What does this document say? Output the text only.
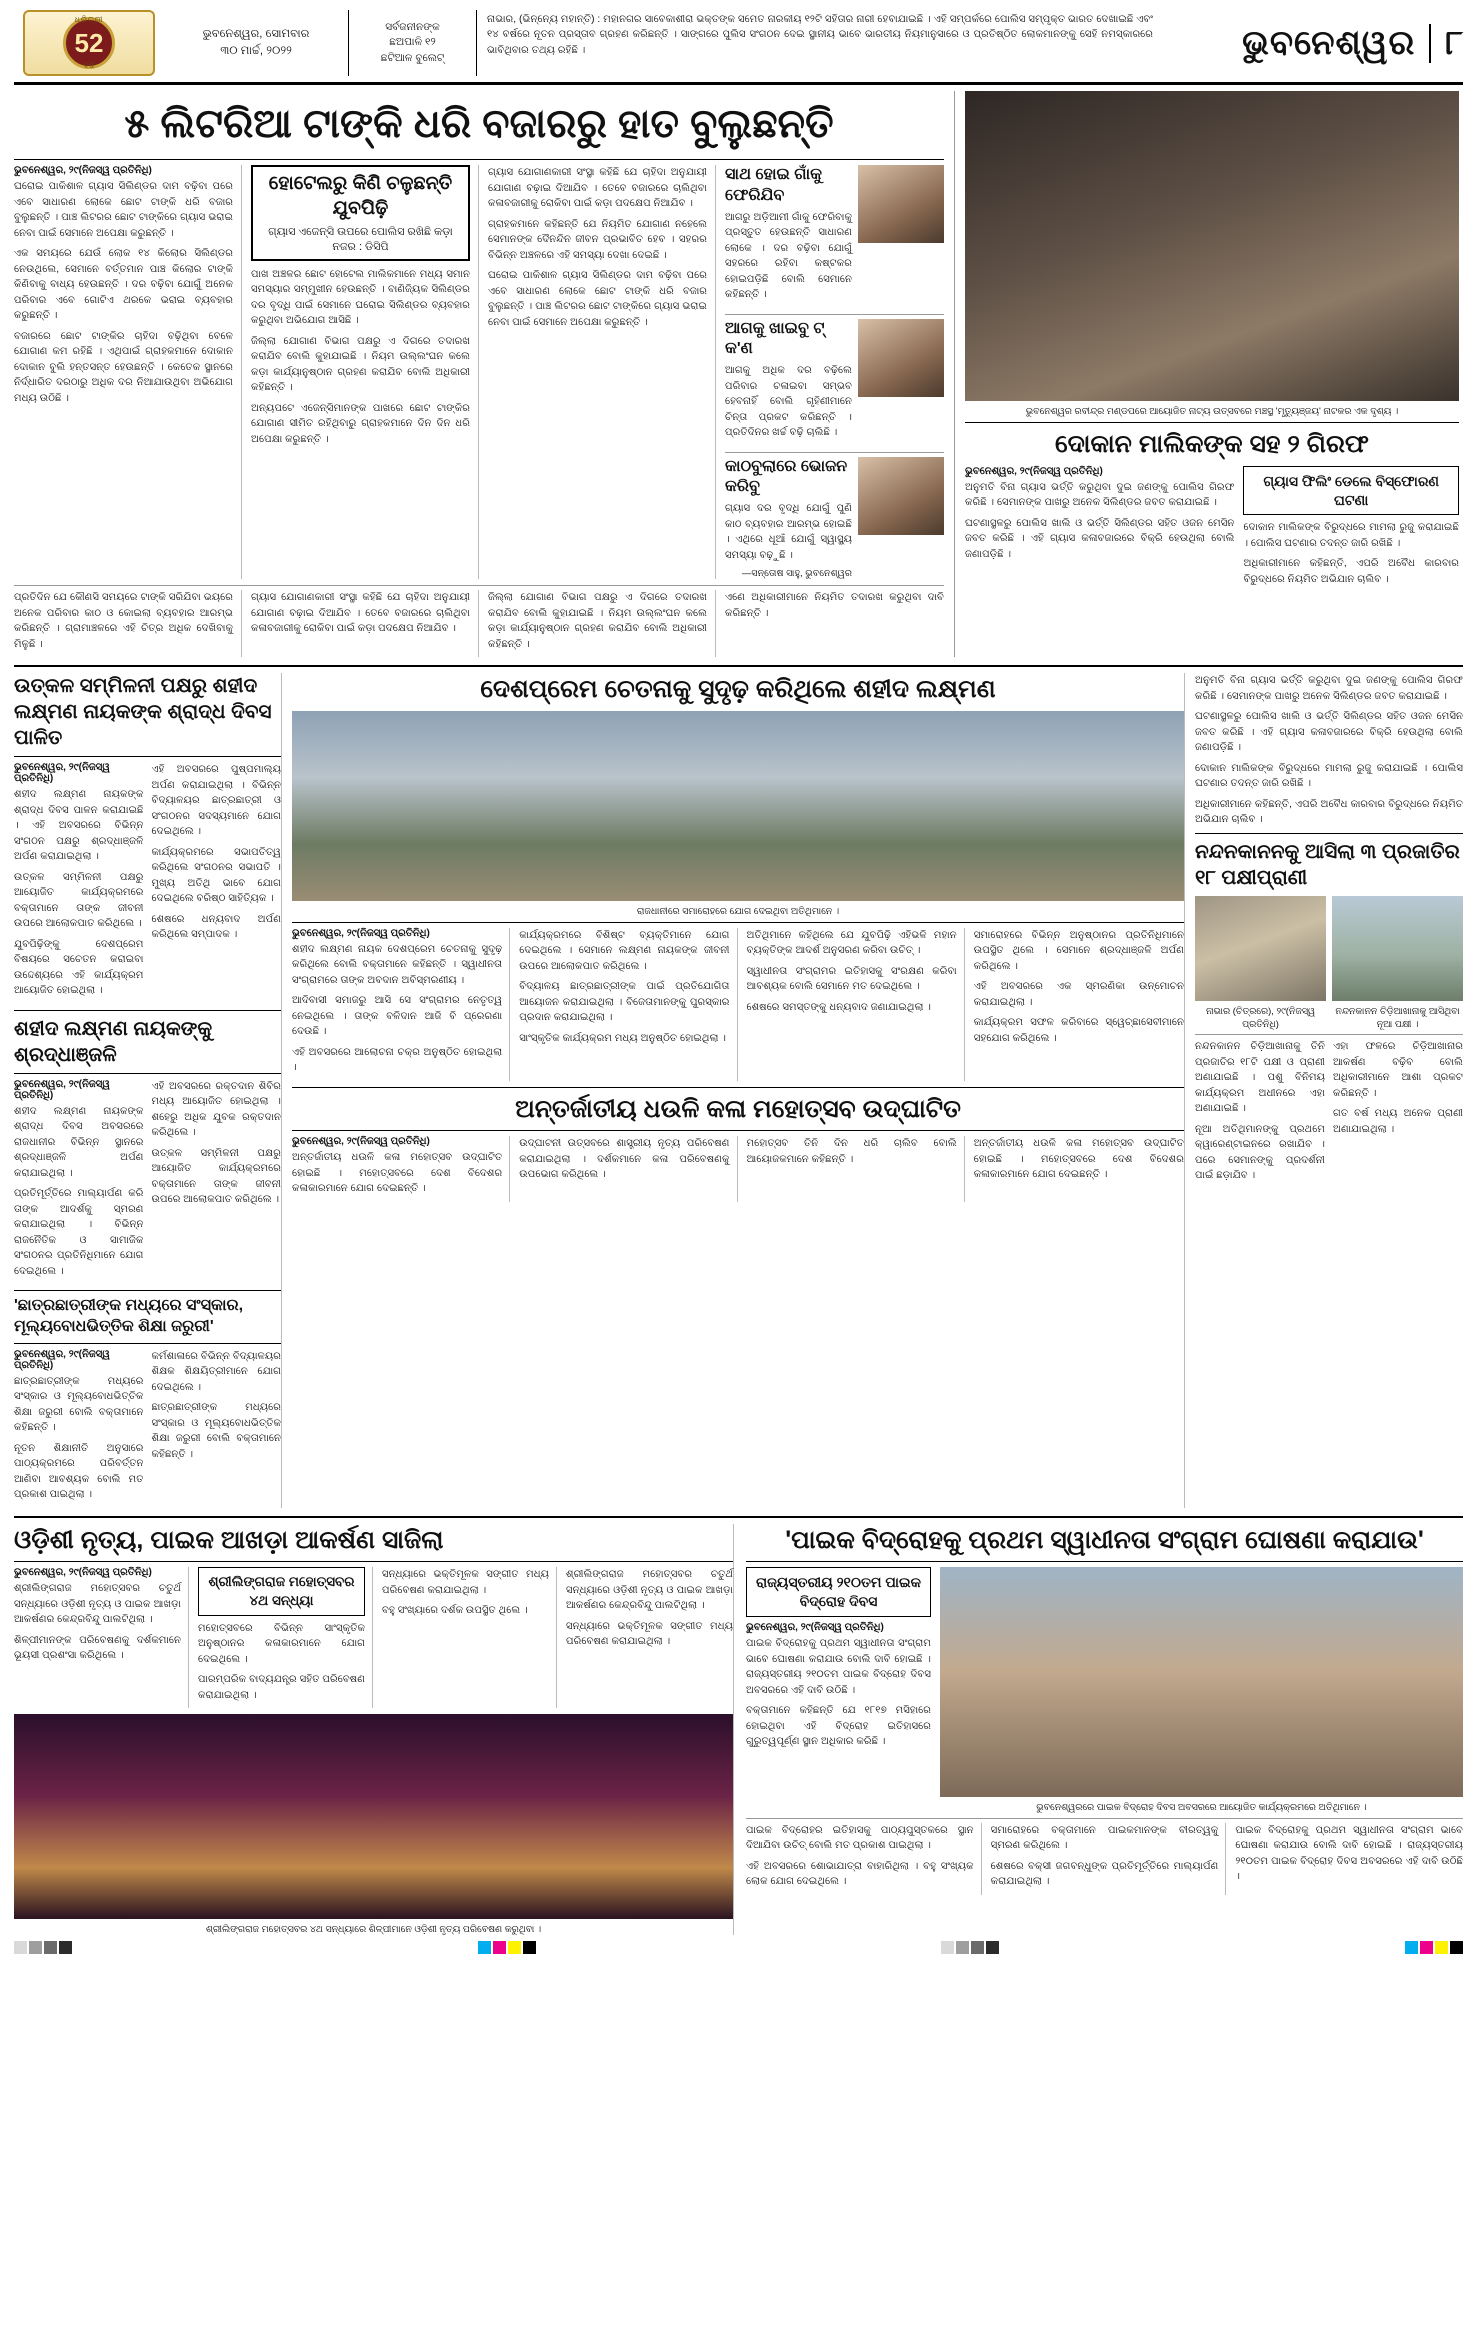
ଧରିତ୍ରୀ
52
ବର୍ଷ
ଭୁବନେଶ୍ୱର, ସୋମବାର
୩୦ ମାର୍ଚ୍ଚ, ୨୦୨୨
ସର୍ବଜନୀନଙ୍କ
ଛଅପାଳି ୧୨
ଛଟିଆଳ ବୁଲେଟ୍
ନାଭାର, (ଭିନ୍ନ୍ୟେ ମହାନ୍ତି) : ମହାନଗର ସାବେକାଶୀରା ଭକ୍ତଙ୍କ ସମେତ ନାରକୀୟ ୧୨ଟି ସହିତାର ନାରୀ ହେବାଯାଇଛି । ଏହି ସମ୍ପର୍କରେ ପୋଲିସ ସମ୍ପୃକ୍ତ ଭାରତ ଦେଖାଇଛି ଏବଂ ୧୪ ବର୍ଷରେ ନୂତନ ପ୍ରସ୍ତାବ ଗ୍ରହଣ କରିଛନ୍ତି । ସାଙ୍ଗରେ ପୁଲିସ ସଂଗଠନ ଦେଇ ସ୍ଥାନୀୟ ଭାବେ ଭାରତୀୟ ନିୟମାନୁସାରେ ଓ ପ୍ରତିଷ୍ଠିତ ଲୋକମାନଙ୍କୁ ସେହି ନମସ୍କାରରେ ଭାବିଥିବାର ତଥ୍ୟ ରହିଛି ।	ଭୁବନେଶ୍ୱର ୮
୫ ଲିଟରିଆ ଟାଙ୍କି ଧରି ବଜାରରୁ ହାତ ବୁଲୁଛନ୍ତି
ଭୁବନେଶ୍ୱର, ୨୯(ନିଜସ୍ୱ ପ୍ରତିନିଧି)

ଘରୋଇ ପାକିଶାଳ ଗ୍ୟାସ ସିଲିଣ୍ଡର ଦାମ ବଢ଼ିବା ପରେ ଏବେ ସାଧାରଣ ଲୋକେ ଛୋଟ ଟାଙ୍କି ଧରି ବଜାର ବୁଲୁଛନ୍ତି । ପାଞ୍ଚ ଲିଟରର ଛୋଟ ଟାଙ୍କିରେ ଗ୍ୟାସ ଭରାଇ ନେବା ପାଇଁ ସେମାନେ ଅପେକ୍ଷା କରୁଛନ୍ତି ।

ଏକ ସମୟରେ ଯେଉଁ ଲୋକ ୧୪ କିଲୋର ସିଲିଣ୍ଡର ନେଉଥିଲେ, ସେମାନେ ବର୍ତ୍ତମାନ ପାଞ୍ଚ କିଲୋର ଟାଙ୍କି କିଣିବାକୁ ବାଧ୍ୟ ହେଉଛନ୍ତି । ଦର ବଢ଼ିବା ଯୋଗୁଁ ଅନେକ ପରିବାର ଏବେ ଗୋଟିଏ ଥରକେ ଭରାଇ ବ୍ୟବହାର କରୁଛନ୍ତି ।

ବଜାରରେ ଛୋଟ ଟାଙ୍କିର ଚାହିଦା ବଢ଼ିଥିବା ବେଳେ ଯୋଗାଣ କମ ରହିଛି । ଏଥିପାଇଁ ଗ୍ରାହକମାନେ ଦୋକାନ ଦୋକାନ ବୁଲି ହନ୍ତସନ୍ତ ହେଉଛନ୍ତି । କେତେକ ସ୍ଥାନରେ ନିର୍ଦ୍ଧାରିତ ଦରଠାରୁ ଅଧିକ ଦର ନିଆଯାଉଥିବା ଅଭିଯୋଗ ମଧ୍ୟ ଉଠିଛି ।

ହୋଟେଲରୁ କିଣି ଚଳୁଛନ୍ତି ଯୁବପିଢ଼ି
ଗ୍ୟାସ ଏଜେନ୍ସି ଉପରେ ପୋଲିସ ରଖିଛି କଡ଼ା ନଜର : ଡିସିପି

ପାଖ ଅଞ୍ଚଳର ଛୋଟ ହୋଟେଲ ମାଲିକମାନେ ମଧ୍ୟ ସମାନ ସମସ୍ୟାର ସମ୍ମୁଖୀନ ହେଉଛନ୍ତି । ବାଣିଜ୍ୟିକ ସିଲିଣ୍ଡର ଦର ବୃଦ୍ଧି ପାଇଁ ସେମାନେ ଘରୋଇ ସିଲିଣ୍ଡର ବ୍ୟବହାର କରୁଥିବା ଅଭିଯୋଗ ଆସିଛି ।

ଜିଲ୍ଲା ଯୋଗାଣ ବିଭାଗ ପକ୍ଷରୁ ଏ ଦିଗରେ ତଦାରଖ କରାଯିବ ବୋଲି କୁହାଯାଇଛି । ନିୟମ ଉଲ୍ଲଂଘନ କଲେ କଡ଼ା କାର୍ଯ୍ୟାନୁଷ୍ଠାନ ଗ୍ରହଣ କରାଯିବ ବୋଲି ଅଧିକାରୀ କହିଛନ୍ତି ।

ଅନ୍ୟପଟେ ଏଜେନ୍ସିମାନଙ୍କ ପାଖରେ ଛୋଟ ଟାଙ୍କିର ଯୋଗାଣ ସୀମିତ ରହିଥିବାରୁ ଗ୍ରାହକମାନେ ଦିନ ଦିନ ଧରି ଅପେକ୍ଷା କରୁଛନ୍ତି ।

ଗ୍ୟାସ ଯୋଗାଣକାରୀ ସଂସ୍ଥା କହିଛି ଯେ ଚାହିଦା ଅନୁଯାୟୀ ଯୋଗାଣ ବଢ଼ାଇ ଦିଆଯିବ । ତେବେ ବଜାରରେ ଚାଲିଥିବା କଳାବଜାରୀକୁ ରୋକିବା ପାଇଁ କଡ଼ା ପଦକ୍ଷେପ ନିଆଯିବ ।

ଗ୍ରାହକମାନେ କହିଛନ୍ତି ଯେ ନିୟମିତ ଯୋଗାଣ ନହେଲେ ସେମାନଙ୍କ ଦୈନନ୍ଦିନ ଜୀବନ ପ୍ରଭାବିତ ହେବ । ସହରର ବିଭିନ୍ନ ଅଞ୍ଚଳରେ ଏହି ସମସ୍ୟା ଦେଖା ଦେଇଛି ।

ଘରୋଇ ପାକିଶାଳ ଗ୍ୟାସ ସିଲିଣ୍ଡର ଦାମ ବଢ଼ିବା ପରେ ଏବେ ସାଧାରଣ ଲୋକେ ଛୋଟ ଟାଙ୍କି ଧରି ବଜାର ବୁଲୁଛନ୍ତି । ପାଞ୍ଚ ଲିଟରର ଛୋଟ ଟାଙ୍କିରେ ଗ୍ୟାସ ଭରାଇ ନେବା ପାଇଁ ସେମାନେ ଅପେକ୍ଷା କରୁଛନ୍ତି ।

ସାଥ ହୋଇ ଗାଁକୁ ଫେରିଯିବ

ଆଗରୁ ଅଡ଼ିଆମୀ ଗାଁକୁ ଫେରିବାକୁ ପ୍ରସ୍ତୁତ ହେଉଛନ୍ତି ସାଧାରଣ ଲୋକେ । ଦର ବଢ଼ିବା ଯୋଗୁଁ ସହରରେ ରହିବା କଷ୍ଟକର ହୋଇପଡ଼ିଛି ବୋଲି ସେମାନେ କହିଛନ୍ତି ।

ଆଗକୁ ଖାଇବୁ ଟ୍ କ'ଣ

ଆଗକୁ ଅଧିକ ଦର ବଢ଼ିଲେ ପରିବାର ଚଳାଇବା ସମ୍ଭବ ହେବନାହିଁ ବୋଲି ଗୃହିଣୀମାନେ ଚିନ୍ତା ପ୍ରକଟ କରିଛନ୍ତି । ପ୍ରତିଦିନର ଖର୍ଚ୍ଚ ବଢ଼ି ଚାଲିଛି ।

କାଠବୁଲାରେ ଭୋଜନ କରିବୁ

ଗ୍ୟାସ ଦର ବୃଦ୍ଧି ଯୋଗୁଁ ପୁଣି କାଠ ବ୍ୟବହାର ଆରମ୍ଭ ହୋଇଛି । ଏଥିରେ ଧୂଆଁ ଯୋଗୁଁ ସ୍ୱାସ୍ଥ୍ୟ ସମସ୍ୟା ବଢ଼ୁଛି ।

—ସନ୍ତୋଷ ସାହୁ, ଭୁବନେଶ୍ୱର

ପ୍ରତିଦିନ ଯେ କୌଣସି ସମୟରେ ଟାଙ୍କି ସରିଯିବା ଭୟରେ ଅନେକ ପରିବାର କାଠ ଓ କୋଇଲା ବ୍ୟବହାର ଆରମ୍ଭ କରିଛନ୍ତି । ଗ୍ରାମାଞ୍ଚଳରେ ଏହି ଚିତ୍ର ଅଧିକ ଦେଖିବାକୁ ମିଳୁଛି ।

ଗ୍ୟାସ ଯୋଗାଣକାରୀ ସଂସ୍ଥା କହିଛି ଯେ ଚାହିଦା ଅନୁଯାୟୀ ଯୋଗାଣ ବଢ଼ାଇ ଦିଆଯିବ । ତେବେ ବଜାରରେ ଚାଲିଥିବା କଳାବଜାରୀକୁ ରୋକିବା ପାଇଁ କଡ଼ା ପଦକ୍ଷେପ ନିଆଯିବ ।

ଜିଲ୍ଲା ଯୋଗାଣ ବିଭାଗ ପକ୍ଷରୁ ଏ ଦିଗରେ ତଦାରଖ କରାଯିବ ବୋଲି କୁହାଯାଇଛି । ନିୟମ ଉଲ୍ଲଂଘନ କଲେ କଡ଼ା କାର୍ଯ୍ୟାନୁଷ୍ଠାନ ଗ୍ରହଣ କରାଯିବ ବୋଲି ଅଧିକାରୀ କହିଛନ୍ତି ।

ଏଣେ ଅଧିକାରୀମାନେ ନିୟମିତ ତଦାରଖ କରୁଥିବା ଦାବି କରିଛନ୍ତି ।

ଭୁବନେଶ୍ୱର ରବୀନ୍ଦ୍ର ମଣ୍ଡପରେ ଆୟୋଜିତ ନାଟ୍ୟ ଉତ୍ସବରେ ମଞ୍ଚସ୍ଥ 'ମୃତ୍ୟୁଞ୍ଜୟ' ନାଟକର ଏକ ଦୃଶ୍ୟ ।
ଦୋକାନ ମାଲିକଙ୍କ ସହ ୨ ଗିରଫ
ଭୁବନେଶ୍ୱର, ୨୯(ନିଜସ୍ୱ ପ୍ରତିନିଧି)

ଅନୁମତି ବିନା ଗ୍ୟାସ ଭର୍ତ୍ତି କରୁଥିବା ଦୁଇ ଜଣଙ୍କୁ ପୋଲିସ ଗିରଫ କରିଛି । ସେମାନଙ୍କ ପାଖରୁ ଅନେକ ସିଲିଣ୍ଡର ଜବତ କରାଯାଇଛି ।

ଘଟଣାସ୍ଥଳରୁ ପୋଲିସ ଖାଲି ଓ ଭର୍ତ୍ତି ସିଲିଣ୍ଡର ସହିତ ଓଜନ ମେସିନ ଜବତ କରିଛି । ଏହି ଗ୍ୟାସ କଳାବଜାରରେ ବିକ୍ରି ହେଉଥିଲା ବୋଲି ଜଣାପଡ଼ିଛି ।

ଗ୍ୟାସ ଫିଲିଂ ଡେଲେ ବିସ୍ଫୋରଣ ଘଟଣା

ଦୋକାନ ମାଲିକଙ୍କ ବିରୁଦ୍ଧରେ ମାମଲା ରୁଜୁ କରାଯାଇଛି । ପୋଲିସ ଘଟଣାର ତଦନ୍ତ ଜାରି ରଖିଛି ।

ଅଧିକାରୀମାନେ କହିଛନ୍ତି, ଏପରି ଅବୈଧ କାରବାର ବିରୁଦ୍ଧରେ ନିୟମିତ ଅଭିଯାନ ଚାଲିବ ।

ଉତ୍କଳ ସମ୍ମିଳନୀ ପକ୍ଷରୁ ଶହୀଦ ଲକ୍ଷ୍ମଣ ନାୟକଙ୍କ ଶ୍ରାଦ୍ଧ ଦିବସ ପାଳିତ
ଭୁବନେଶ୍ୱର, ୨୯(ନିଜସ୍ୱ ପ୍ରତିନିଧି)

ଶହୀଦ ଲକ୍ଷ୍ମଣ ନାୟକଙ୍କ ଶ୍ରାଦ୍ଧ ଦିବସ ପାଳନ କରାଯାଇଛି । ଏହି ଅବସରରେ ବିଭିନ୍ନ ସଂଗଠନ ପକ୍ଷରୁ ଶ୍ରଦ୍ଧାଞ୍ଜଳି ଅର୍ପଣ କରାଯାଇଥିଲା ।

ଉତ୍କଳ ସମ୍ମିଳନୀ ପକ୍ଷରୁ ଆୟୋଜିତ କାର୍ଯ୍ୟକ୍ରମରେ ବକ୍ତାମାନେ ତାଙ୍କ ଜୀବନୀ ଉପରେ ଆଲୋକପାତ କରିଥିଲେ ।

ଯୁବପିଢ଼ିଙ୍କୁ ଦେଶପ୍ରେମ ବିଷୟରେ ସଚେତନ କରାଇବା ଉଦ୍ଦେଶ୍ୟରେ ଏହି କାର୍ଯ୍ୟକ୍ରମ ଆୟୋଜିତ ହୋଇଥିଲା ।

ଏହି ଅବସରରେ ପୁଷ୍ପମାଲ୍ୟ ଅର୍ପଣ କରାଯାଇଥିଲା । ବିଭିନ୍ନ ବିଦ୍ୟାଳୟର ଛାତ୍ରଛାତ୍ରୀ ଓ ସଂଗଠନର ସଦସ୍ୟମାନେ ଯୋଗ ଦେଇଥିଲେ ।

କାର୍ଯ୍ୟକ୍ରମରେ ସଭାପତିତ୍ୱ କରିଥିଲେ ସଂଗଠନର ସଭାପତି । ମୁଖ୍ୟ ଅତିଥି ଭାବେ ଯୋଗ ଦେଇଥିଲେ ବରିଷ୍ଠ ସାହିତ୍ୟିକ ।

ଶେଷରେ ଧନ୍ୟବାଦ ଅର୍ପଣ କରିଥିଲେ ସମ୍ପାଦକ ।

ଶହୀଦ ଲକ୍ଷ୍ମଣ ନାୟକଙ୍କୁ ଶ୍ରଦ୍ଧାଞ୍ଜଳି
ଭୁବନେଶ୍ୱର, ୨୯(ନିଜସ୍ୱ ପ୍ରତିନିଧି)

ଶହୀଦ ଲକ୍ଷ୍ମଣ ନାୟକଙ୍କ ଶ୍ରାଦ୍ଧ ଦିବସ ଅବସରରେ ରାଜଧାନୀର ବିଭିନ୍ନ ସ୍ଥାନରେ ଶ୍ରଦ୍ଧାଞ୍ଜଳି ଅର୍ପଣ କରାଯାଇଥିଲା ।

ପ୍ରତିମୂର୍ତ୍ତିରେ ମାଲ୍ୟାର୍ପଣ କରି ତାଙ୍କ ଆଦର୍ଶକୁ ସ୍ମରଣ କରାଯାଇଥିଲା । ବିଭିନ୍ନ ରାଜନୈତିକ ଓ ସାମାଜିକ ସଂଗଠନର ପ୍ରତିନିଧିମାନେ ଯୋଗ ଦେଇଥିଲେ ।

ଏହି ଅବସରରେ ରକ୍ତଦାନ ଶିବିର ମଧ୍ୟ ଆୟୋଜିତ ହୋଇଥିଲା । ଶହେରୁ ଅଧିକ ଯୁବକ ରକ୍ତଦାନ କରିଥିଲେ ।

ଉତ୍କଳ ସମ୍ମିଳନୀ ପକ୍ଷରୁ ଆୟୋଜିତ କାର୍ଯ୍ୟକ୍ରମରେ ବକ୍ତାମାନେ ତାଙ୍କ ଜୀବନୀ ଉପରେ ଆଲୋକପାତ କରିଥିଲେ ।

'ଛାତ୍ରଛାତ୍ରୀଙ୍କ ମଧ୍ୟରେ ସଂସ୍କାର, ମୂଲ୍ୟବୋଧଭିତ୍ତିକ ଶିକ୍ଷା ଜରୁରୀ'
ଭୁବନେଶ୍ୱର, ୨୯(ନିଜସ୍ୱ ପ୍ରତିନିଧି)

ଛାତ୍ରଛାତ୍ରୀଙ୍କ ମଧ୍ୟରେ ସଂସ୍କାର ଓ ମୂଲ୍ୟବୋଧଭିତ୍ତିକ ଶିକ୍ଷା ଜରୁରୀ ବୋଲି ବକ୍ତାମାନେ କହିଛନ୍ତି ।

ନୂତନ ଶିକ୍ଷାନୀତି ଅନୁସାରେ ପାଠ୍ୟକ୍ରମରେ ପରିବର୍ତ୍ତନ ଆଣିବା ଆବଶ୍ୟକ ବୋଲି ମତ ପ୍ରକାଶ ପାଇଥିଲା ।

କର୍ମଶାଳାରେ ବିଭିନ୍ନ ବିଦ୍ୟାଳୟର ଶିକ୍ଷକ ଶିକ୍ଷୟିତ୍ରୀମାନେ ଯୋଗ ଦେଇଥିଲେ ।

ଛାତ୍ରଛାତ୍ରୀଙ୍କ ମଧ୍ୟରେ ସଂସ୍କାର ଓ ମୂଲ୍ୟବୋଧଭିତ୍ତିକ ଶିକ୍ଷା ଜରୁରୀ ବୋଲି ବକ୍ତାମାନେ କହିଛନ୍ତି ।

ଦେଶପ୍ରେମ ଚେତନାକୁ ସୁଦୃଢ଼ କରିଥିଲେ ଶହୀଦ ଲକ୍ଷ୍ମଣ
ରାଜଧାନୀରେ ସମାରୋହରେ ଯୋଗ ଦେଇଥିବା ଅତିଥିମାନେ ।
ଭୁବନେଶ୍ୱର, ୨୯(ନିଜସ୍ୱ ପ୍ରତିନିଧି)

ଶହୀଦ ଲକ୍ଷ୍ମଣ ନାୟକ ଦେଶପ୍ରେମ ଚେତନାକୁ ସୁଦୃଢ଼ କରିଥିଲେ ବୋଲି ବକ୍ତାମାନେ କହିଛନ୍ତି । ସ୍ୱାଧୀନତା ସଂଗ୍ରାମରେ ତାଙ୍କ ଅବଦାନ ଅବିସ୍ମରଣୀୟ ।

ଆଦିବାସୀ ସମାଜରୁ ଆସି ସେ ସଂଗ୍ରାମର ନେତୃତ୍ୱ ନେଇଥିଲେ । ତାଙ୍କ ବଳିଦାନ ଆଜି ବି ପ୍ରେରଣା ଦେଉଛି ।

ଏହି ଅବସରରେ ଆଲୋଚନା ଚକ୍ର ଅନୁଷ୍ଠିତ ହୋଇଥିଲା ।

କାର୍ଯ୍ୟକ୍ରମରେ ବିଶିଷ୍ଟ ବ୍ୟକ୍ତିମାନେ ଯୋଗ ଦେଇଥିଲେ । ସେମାନେ ଲକ୍ଷ୍ମଣ ନାୟକଙ୍କ ଜୀବନୀ ଉପରେ ଆଲୋକପାତ କରିଥିଲେ ।

ବିଦ୍ୟାଳୟ ଛାତ୍ରଛାତ୍ରୀଙ୍କ ପାଇଁ ପ୍ରତିଯୋଗିତା ଆୟୋଜନ କରାଯାଇଥିଲା । ବିଜେତାମାନଙ୍କୁ ପୁରସ୍କାର ପ୍ରଦାନ କରାଯାଇଥିଲା ।

ସାଂସ୍କୃତିକ କାର୍ଯ୍ୟକ୍ରମ ମଧ୍ୟ ଅନୁଷ୍ଠିତ ହୋଇଥିଲା ।

ଅତିଥିମାନେ କହିଥିଲେ ଯେ ଯୁବପିଢ଼ି ଏହିଭଳି ମହାନ ବ୍ୟକ୍ତିଙ୍କ ଆଦର୍ଶ ଅନୁସରଣ କରିବା ଉଚିତ୍ ।

ସ୍ୱାଧୀନତା ସଂଗ୍ରାମର ଇତିହାସକୁ ସଂରକ୍ଷଣ କରିବା ଆବଶ୍ୟକ ବୋଲି ସେମାନେ ମତ ଦେଇଥିଲେ ।

ଶେଷରେ ସମସ୍ତଙ୍କୁ ଧନ୍ୟବାଦ ଜଣାଯାଇଥିଲା ।

ସମାରୋହରେ ବିଭିନ୍ନ ଅନୁଷ୍ଠାନର ପ୍ରତିନିଧିମାନେ ଉପସ୍ଥିତ ଥିଲେ । ସେମାନେ ଶ୍ରଦ୍ଧାଞ୍ଜଳି ଅର୍ପଣ କରିଥିଲେ ।

ଏହି ଅବସରରେ ଏକ ସ୍ମରଣିକା ଉନ୍ମୋଚନ କରାଯାଇଥିଲା ।

କାର୍ଯ୍ୟକ୍ରମ ସଫଳ କରିବାରେ ସ୍ୱେଚ୍ଛାସେବୀମାନେ ସହଯୋଗ କରିଥିଲେ ।

ଅନ୍ତର୍ଜାତୀୟ ଧଉଳି କଳା ମହୋତ୍ସବ ଉଦ୍‌ଘାଟିତ
ଭୁବନେଶ୍ୱର, ୨୯(ନିଜସ୍ୱ ପ୍ରତିନିଧି)

ଅନ୍ତର୍ଜାତୀୟ ଧଉଳି କଳା ମହୋତ୍ସବ ଉଦ୍‌ଘାଟିତ ହୋଇଛି । ମହୋତ୍ସବରେ ଦେଶ ବିଦେଶର କଳାକାରମାନେ ଯୋଗ ଦେଇଛନ୍ତି ।

ଉଦ୍‌ଘାଟନୀ ଉତ୍ସବରେ ଶାସ୍ତ୍ରୀୟ ନୃତ୍ୟ ପରିବେଷଣ କରାଯାଇଥିଲା । ଦର୍ଶକମାନେ କଳା ପରିବେଷଣକୁ ଉପଭୋଗ କରିଥିଲେ ।

ମହୋତ୍ସବ ତିନି ଦିନ ଧରି ଚାଲିବ ବୋଲି ଆୟୋଜକମାନେ କହିଛନ୍ତି ।

ଅନ୍ତର୍ଜାତୀୟ ଧଉଳି କଳା ମହୋତ୍ସବ ଉଦ୍‌ଘାଟିତ ହୋଇଛି । ମହୋତ୍ସବରେ ଦେଶ ବିଦେଶର କଳାକାରମାନେ ଯୋଗ ଦେଇଛନ୍ତି ।

ଅନୁମତି ବିନା ଗ୍ୟାସ ଭର୍ତ୍ତି କରୁଥିବା ଦୁଇ ଜଣଙ୍କୁ ପୋଲିସ ଗିରଫ କରିଛି । ସେମାନଙ୍କ ପାଖରୁ ଅନେକ ସିଲିଣ୍ଡର ଜବତ କରାଯାଇଛି ।

ଘଟଣାସ୍ଥଳରୁ ପୋଲିସ ଖାଲି ଓ ଭର୍ତ୍ତି ସିଲିଣ୍ଡର ସହିତ ଓଜନ ମେସିନ ଜବତ କରିଛି । ଏହି ଗ୍ୟାସ କଳାବଜାରରେ ବିକ୍ରି ହେଉଥିଲା ବୋଲି ଜଣାପଡ଼ିଛି ।

ଦୋକାନ ମାଲିକଙ୍କ ବିରୁଦ୍ଧରେ ମାମଲା ରୁଜୁ କରାଯାଇଛି । ପୋଲିସ ଘଟଣାର ତଦନ୍ତ ଜାରି ରଖିଛି ।

ଅଧିକାରୀମାନେ କହିଛନ୍ତି, ଏପରି ଅବୈଧ କାରବାର ବିରୁଦ୍ଧରେ ନିୟମିତ ଅଭିଯାନ ଚାଲିବ ।

ନନ୍ଦନକାନନକୁ ଆସିଲା ୩ ପ୍ରଜାତିର ୧୮ ପକ୍ଷୀପ୍ରାଣୀ
ନାଭାର (ଚିତ୍ରରେ), ୨୯(ନିଜସ୍ୱ ପ୍ରତିନିଧି)
ନନ୍ଦନକାନନ ଚିଡ଼ିଆଖାନାକୁ ଆସିଥିବା ନୂଆ ପକ୍ଷୀ ।

ନନ୍ଦନକାନନ ଚିଡ଼ିଆଖାନାକୁ ତିନି ପ୍ରଜାତିର ୧୮ଟି ପକ୍ଷୀ ଓ ପ୍ରାଣୀ ଅଣାଯାଇଛି । ପଶୁ ବିନିମୟ କାର୍ଯ୍ୟକ୍ରମ ଅଧୀନରେ ଏହା ଅଣାଯାଇଛି ।

ନୂଆ ଅତିଥିମାନଙ୍କୁ ପ୍ରଥମେ କ୍ୱାରେଣ୍ଟାଇନରେ ରଖାଯିବ । ପରେ ସେମାନଙ୍କୁ ପ୍ରଦର୍ଶନୀ ପାଇଁ ଛଡ଼ାଯିବ ।

ଏହା ଫଳରେ ଚିଡ଼ିଆଖାନାର ଆକର୍ଷଣ ବଢ଼ିବ ବୋଲି ଅଧିକାରୀମାନେ ଆଶା ପ୍ରକଟ କରିଛନ୍ତି ।

ଗତ ବର୍ଷ ମଧ୍ୟ ଅନେକ ପ୍ରାଣୀ ଅଣାଯାଇଥିଲା ।

ଓଡ଼ିଶୀ ନୃତ୍ୟ, ପାଇକ ଆଖଡ଼ା ଆକର୍ଷଣ ସାଜିଲା
ଭୁବନେଶ୍ୱର, ୨୯(ନିଜସ୍ୱ ପ୍ରତିନିଧି)

ଶ୍ରୀଲିଙ୍ଗରାଜ ମହୋତ୍ସବର ଚତୁର୍ଥ ସନ୍ଧ୍ୟାରେ ଓଡ଼ିଶୀ ନୃତ୍ୟ ଓ ପାଇକ ଆଖଡ଼ା ଆକର୍ଷଣର କେନ୍ଦ୍ରବିନ୍ଦୁ ପାଲଟିଥିଲା ।

ଶିଳ୍ପୀମାନଙ୍କ ପରିବେଷଣକୁ ଦର୍ଶକମାନେ ଭୂୟସୀ ପ୍ରଶଂସା କରିଥିଲେ ।

ଶ୍ରୀଲିଙ୍ଗରାଜ ମହୋତ୍ସବର ୪ଥ ସନ୍ଧ୍ୟା

ମହୋତ୍ସବରେ ବିଭିନ୍ନ ସାଂସ୍କୃତିକ ଅନୁଷ୍ଠାନର କଳାକାରମାନେ ଯୋଗ ଦେଇଥିଲେ ।

ପାରମ୍ପରିକ ବାଦ୍ୟଯନ୍ତ୍ର ସହିତ ପରିବେଷଣ କରାଯାଇଥିଲା ।

ସନ୍ଧ୍ୟାରେ ଭକ୍ତିମୂଳକ ସଙ୍ଗୀତ ମଧ୍ୟ ପରିବେଷଣ କରାଯାଇଥିଲା ।

ବହୁ ସଂଖ୍ୟାରେ ଦର୍ଶକ ଉପସ୍ଥିତ ଥିଲେ ।

ଶ୍ରୀଲିଙ୍ଗରାଜ ମହୋତ୍ସବର ଚତୁର୍ଥ ସନ୍ଧ୍ୟାରେ ଓଡ଼ିଶୀ ନୃତ୍ୟ ଓ ପାଇକ ଆଖଡ଼ା ଆକର୍ଷଣର କେନ୍ଦ୍ରବିନ୍ଦୁ ପାଲଟିଥିଲା ।

ସନ୍ଧ୍ୟାରେ ଭକ୍ତିମୂଳକ ସଙ୍ଗୀତ ମଧ୍ୟ ପରିବେଷଣ କରାଯାଇଥିଲା ।

ଶ୍ରୀଲିଙ୍ଗରାଜ ମହୋତ୍ସବର ୪ଥ ସନ୍ଧ୍ୟାରେ ଶିଳ୍ପୀମାନେ ଓଡ଼ିଶୀ ନୃତ୍ୟ ପରିବେଷଣ କରୁଥିବା ।
'ପାଇକ ବିଦ୍ରୋହକୁ ପ୍ରଥମ ସ୍ୱାଧୀନତା ସଂଗ୍ରାମ ଘୋଷଣା କରାଯାଉ'
ରାଜ୍ୟସ୍ତରୀୟ ୨୧୦ତମ ପାଇକ ବିଦ୍ରୋହ ଦିବସ
ଭୁବନେଶ୍ୱର, ୨୯(ନିଜସ୍ୱ ପ୍ରତିନିଧି)

ପାଇକ ବିଦ୍ରୋହକୁ ପ୍ରଥମ ସ୍ୱାଧୀନତା ସଂଗ୍ରାମ ଭାବେ ଘୋଷଣା କରାଯାଉ ବୋଲି ଦାବି ହୋଇଛି । ରାଜ୍ୟସ୍ତରୀୟ ୨୧୦ତମ ପାଇକ ବିଦ୍ରୋହ ଦିବସ ଅବସରରେ ଏହି ଦାବି ଉଠିଛି ।

ବକ୍ତାମାନେ କହିଛନ୍ତି ଯେ ୧୮୧୭ ମସିହାରେ ହୋଇଥିବା ଏହି ବିଦ୍ରୋହ ଇତିହାସରେ ଗୁରୁତ୍ୱପୂର୍ଣ୍ଣ ସ୍ଥାନ ଅଧିକାର କରିଛି ।

ଭୁବନେଶ୍ୱରରେ ପାଇକ ବିଦ୍ରୋହ ଦିବସ ଅବସରରେ ଆୟୋଜିତ କାର୍ଯ୍ୟକ୍ରମରେ ଅତିଥିମାନେ ।

ପାଇକ ବିଦ୍ରୋହର ଇତିହାସକୁ ପାଠ୍ୟପୁସ୍ତକରେ ସ୍ଥାନ ଦିଆଯିବା ଉଚିତ୍ ବୋଲି ମତ ପ୍ରକାଶ ପାଇଥିଲା ।

ଏହି ଅବସରରେ ଶୋଭାଯାତ୍ରା ବାହାରିଥିଲା । ବହୁ ସଂଖ୍ୟକ ଲୋକ ଯୋଗ ଦେଇଥିଲେ ।

ସମାରୋହରେ ବକ୍ତାମାନେ ପାଇକମାନଙ୍କ ବୀରତ୍ୱକୁ ସ୍ମରଣ କରିଥିଲେ ।

ଶେଷରେ ବକ୍ସୀ ଜଗବନ୍ଧୁଙ୍କ ପ୍ରତିମୂର୍ତ୍ତିରେ ମାଲ୍ୟାର୍ପଣ କରାଯାଇଥିଲା ।

ପାଇକ ବିଦ୍ରୋହକୁ ପ୍ରଥମ ସ୍ୱାଧୀନତା ସଂଗ୍ରାମ ଭାବେ ଘୋଷଣା କରାଯାଉ ବୋଲି ଦାବି ହୋଇଛି । ରାଜ୍ୟସ୍ତରୀୟ ୨୧୦ତମ ପାଇକ ବିଦ୍ରୋହ ଦିବସ ଅବସରରେ ଏହି ଦାବି ଉଠିଛି ।
